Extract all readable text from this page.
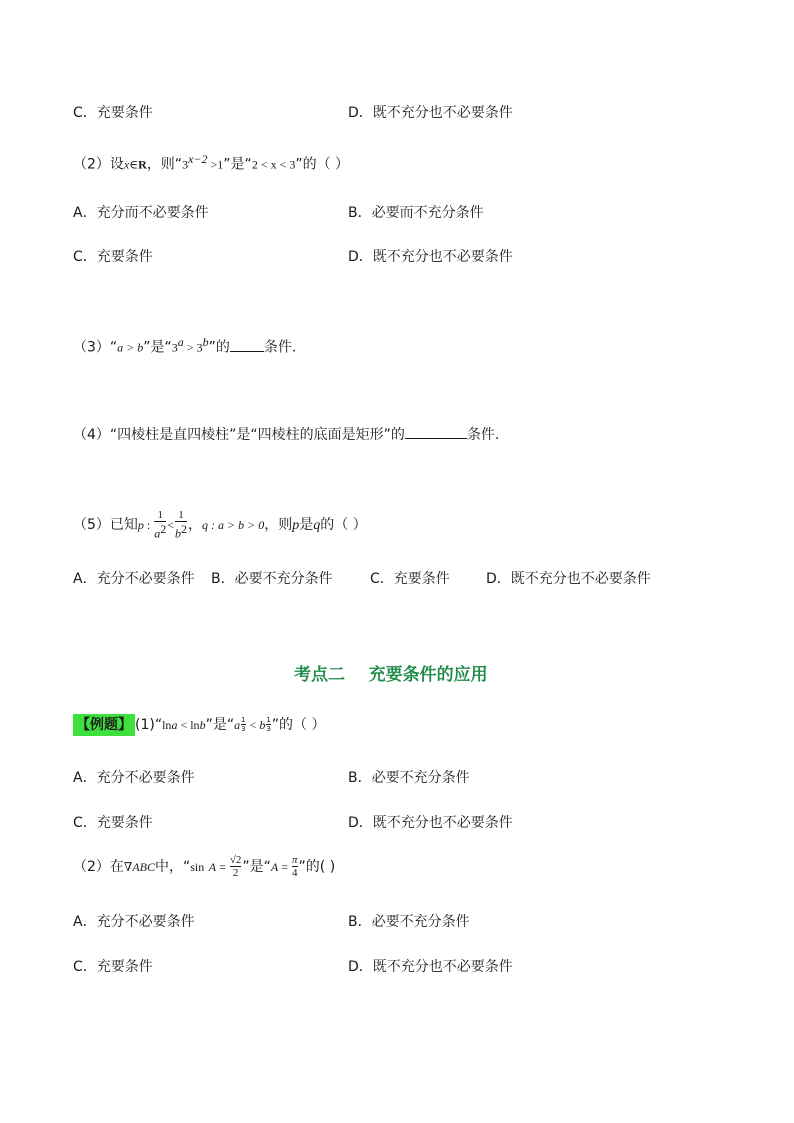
C．充要条件	D．既不充分也不必要条件
（2）设x∈R，则“$3^{x-2} >1$”是“2 < x < 3”的（ ）
A．充分而不必要条件	B．必要而不充分条件
C．充要条件	D．既不充分也不必要条件
（3）“a > b”是“$3^a > 3^b$”的 条件.
（4）“四棱柱是直四棱柱”是“四棱柱的底面是矩形”的	条件.
（5）已知p : $\frac{1}{a^2} < \frac{1}{b^2}$ ，q : a > b > 0，则p是q的（ ）
A．充分不必要条件 B．必要不充分条件	C．充要条件	D．既不充分也不必要条件
考点二    充要条件的应用
【例题】 (1)“lna < lnb”是“$a \frac{1}{3} < b \frac{1}{3}$ ”的（ ）
A．充分不必要条件	B．必要不充分条件
C．充要条件	D．既不充分也不必要条件
（2）在∇ABC中，“sin $A = \frac{√2}{2}$ ”是“$A = \frac{\pi}{4}$ ”的( )
A．充分不必要条件	B．必要不充分条件
C．充要条件	D．既不充分也不必要条件
